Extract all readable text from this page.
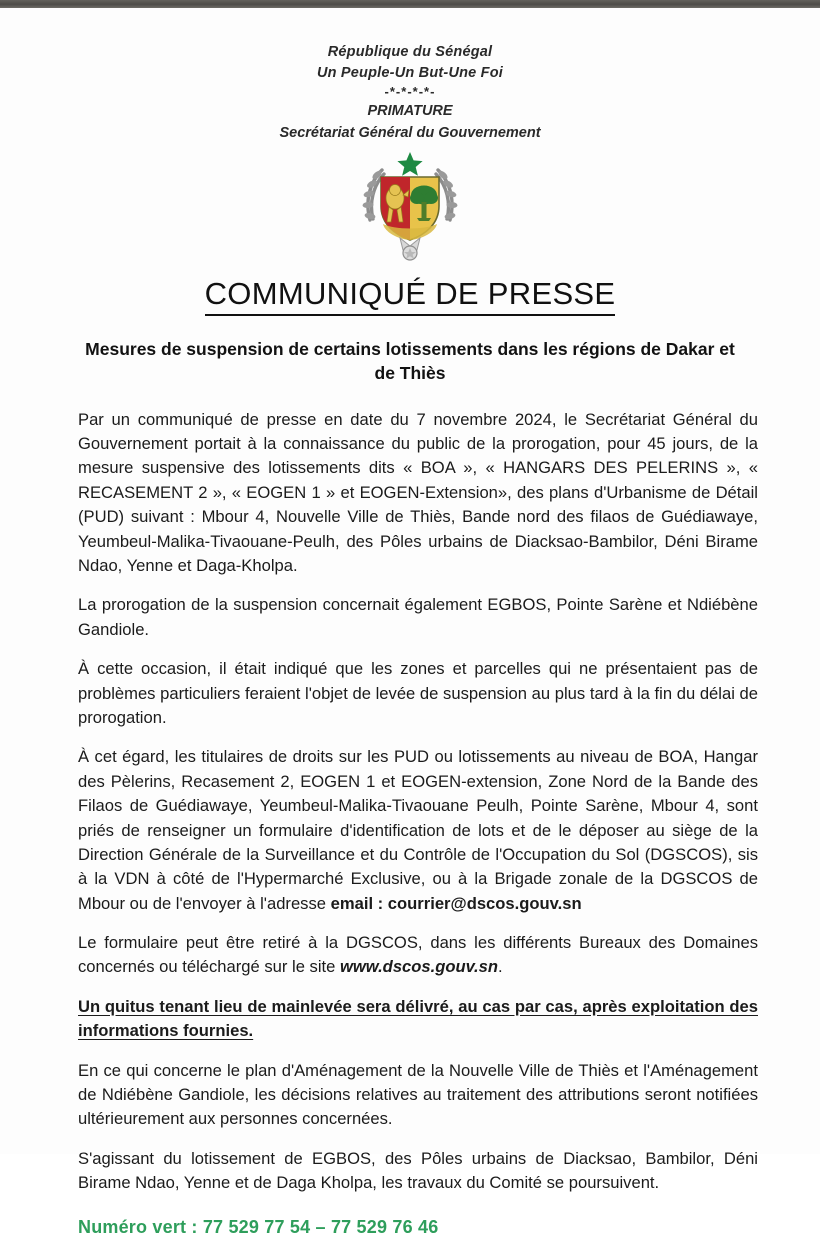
République du Sénégal
Un Peuple-Un But-Une Foi
-*-*-*-*-
PRIMATURE
Secrétariat Général du Gouvernement
COMMUNIQUÉ DE PRESSE
Mesures de suspension de certains lotissements dans les régions de Dakar et de Thiès

Par un communiqué de presse en date du 7 novembre 2024, le Secrétariat Général du Gouvernement portait à la connaissance du public de la prorogation, pour 45 jours, de la mesure suspensive des lotissements dits « BOA », « HANGARS DES PELERINS », « RECASEMENT 2 », « EOGEN 1 » et EOGEN-Extension», des plans d'Urbanisme de Détail (PUD) suivant : Mbour 4, Nouvelle Ville de Thiès, Bande nord des filaos de Guédiawaye, Yeumbeul-Malika-Tivaouane-Peulh, des Pôles urbains de Diacksao-Bambilor, Déni Birame Ndao, Yenne et Daga-Kholpa.

La prorogation de la suspension concernait également EGBOS, Pointe Sarène et Ndiébène Gandiole.

À cette occasion, il était indiqué que les zones et parcelles qui ne présentaient pas de problèmes particuliers feraient l'objet de levée de suspension au plus tard à la fin du délai de prorogation.

À cet égard, les titulaires de droits sur les PUD ou lotissements au niveau de BOA, Hangar des Pèlerins, Recasement 2, EOGEN 1 et EOGEN-extension, Zone Nord de la Bande des Filaos de Guédiawaye, Yeumbeul-Malika-Tivaouane Peulh, Pointe Sarène, Mbour 4, sont priés de renseigner un formulaire d'identification de lots et de le déposer au siège de la Direction Générale de la Surveillance et du Contrôle de l'Occupation du Sol (DGSCOS), sis à la VDN à côté de l'Hypermarché Exclusive, ou à la Brigade zonale de la DGSCOS de Mbour ou de l'envoyer à l'adresse email : courrier@dscos.gouv.sn

Le formulaire peut être retiré à la DGSCOS, dans les différents Bureaux des Domaines concernés ou téléchargé sur le site www.dscos.gouv.sn.

Un quitus tenant lieu de mainlevée sera délivré, au cas par cas, après exploitation des informations fournies.

En ce qui concerne le plan d'Aménagement de la Nouvelle Ville de Thiès et l'Aménagement de Ndiébène Gandiole, les décisions relatives au traitement des attributions seront notifiées ultérieurement aux personnes concernées.

S'agissant du lotissement de EGBOS, des Pôles urbains de Diacksao, Bambilor, Déni Birame Ndao, Yenne et de Daga Kholpa, les travaux du Comité se poursuivent.

Numéro vert : 77 529 77 54 – 77 529 76 46
